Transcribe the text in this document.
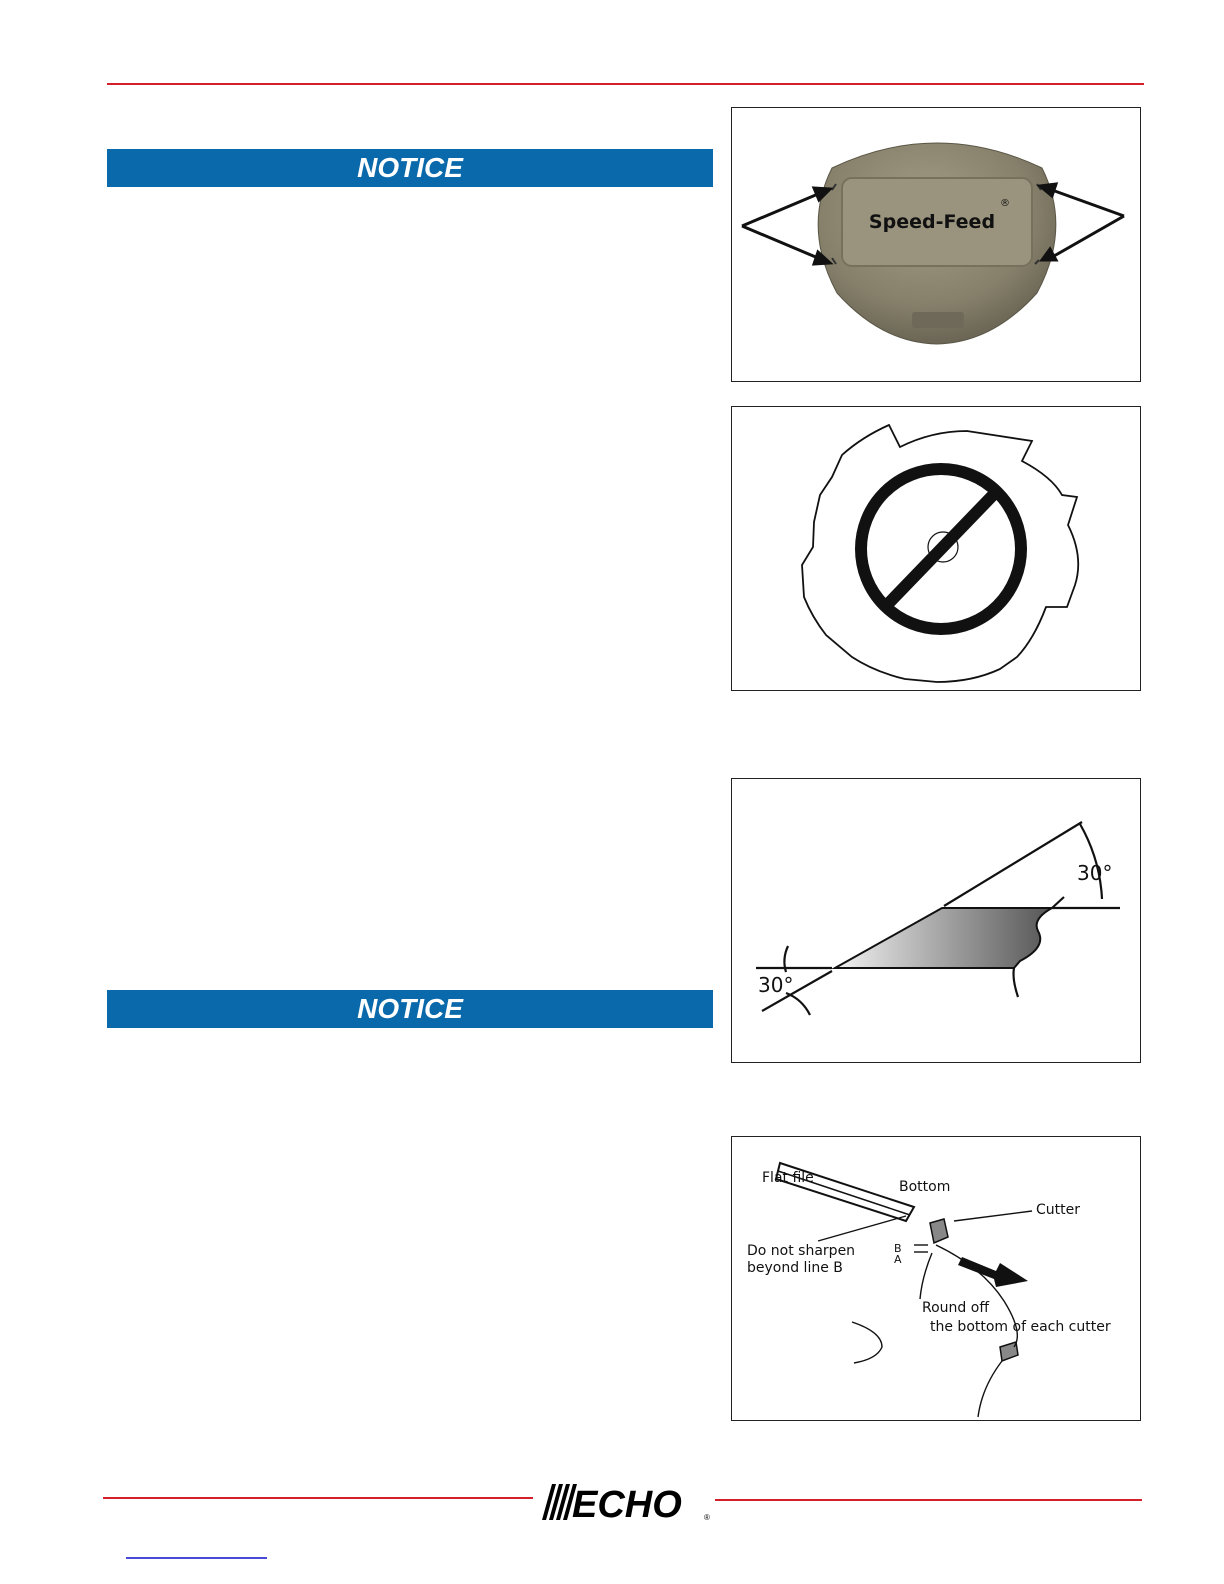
NOTICE
NOTICE
Speed-Feed
®
30°
30°
Flat file
Bottom
Cutter
Do not sharpen
beyond line B
B
A
Round off
the bottom of each cutter
ECHO	®
